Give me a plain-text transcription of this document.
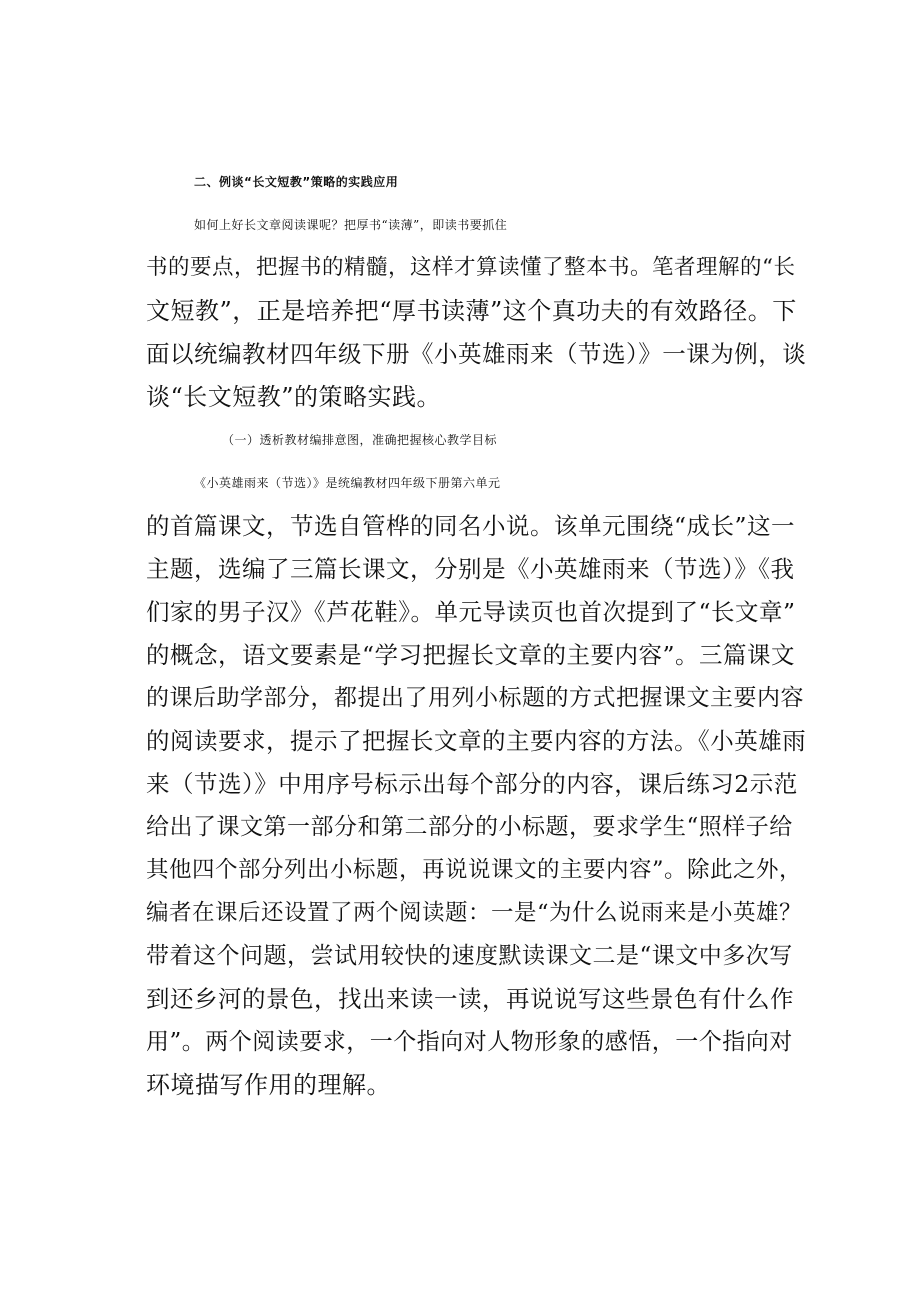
二、例谈“长文短教”策略的实践应用
如何上好长文章阅读课呢？把厚书“读薄”，即读书要抓住
书的要点，把握书的精髓，这样才算读懂了整本书。笔者理解的“长
文短教”，正是培养把“厚书读薄”这个真功夫的有效路径。下
面以统编教材四年级下册《小英雄雨来（节选）》一课为例，谈
谈“长文短教”的策略实践。
（一）透析教材编排意图，准确把握核心教学目标
《小英雄雨来（节选）》是统编教材四年级下册第六单元
的首篇课文，节选自管桦的同名小说。该单元围绕“成长”这一
主题，选编了三篇长课文，分别是《小英雄雨来（节选）》《我
们家的男子汉》《芦花鞋》。单元导读页也首次提到了“长文章”
的概念，语文要素是“学习把握长文章的主要内容”。三篇课文
的课后助学部分，都提出了用列小标题的方式把握课文主要内容
的阅读要求，提示了把握长文章的主要内容的方法。《小英雄雨
来（节选）》中用序号标示出每个部分的内容，课后练习2示范
给出了课文第一部分和第二部分的小标题，要求学生“照样子给
其他四个部分列出小标题，再说说课文的主要内容”。除此之外，
编者在课后还设置了两个阅读题：一是“为什么说雨来是小英雄？
带着这个问题，尝试用较快的速度默读课文二是“课文中多次写
到还乡河的景色，找出来读一读，再说说写这些景色有什么作
用”。两个阅读要求，一个指向对人物形象的感悟，一个指向对
环境描写作用的理解。
